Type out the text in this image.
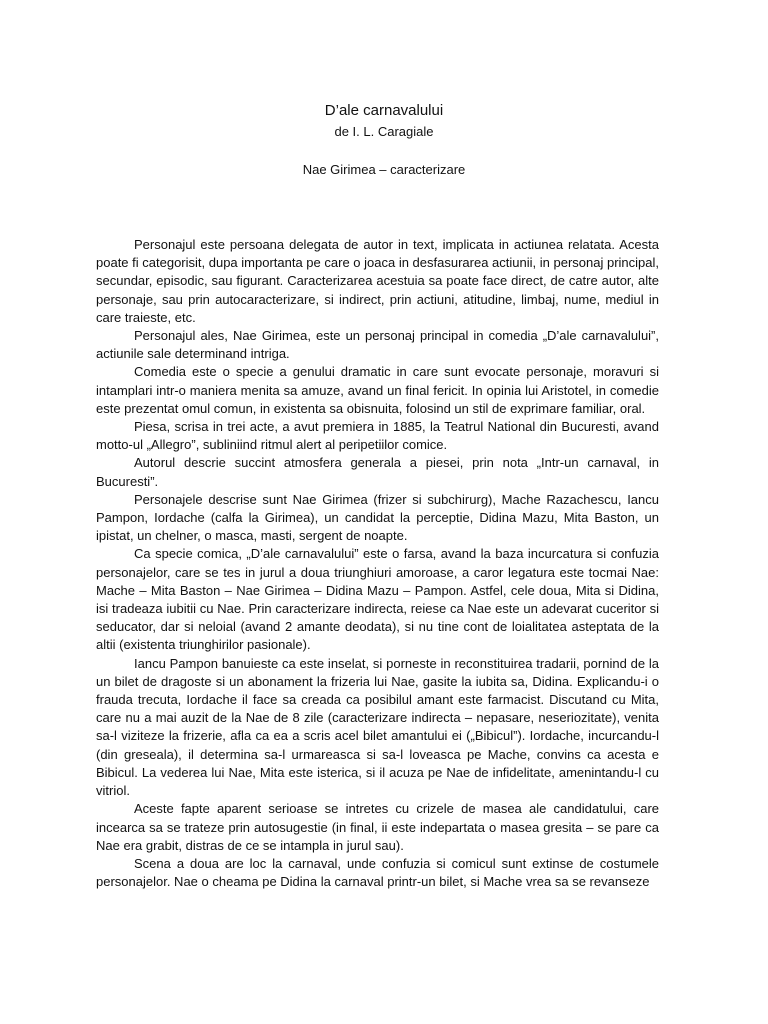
D’ale carnavalului
de I. L. Caragiale
Nae Girimea – caracterizare

Personajul este persoana delegata de autor in text, implicata in actiunea relatata. Acesta poate fi categorisit, dupa importanta pe care o joaca in desfasurarea actiunii, in personaj principal, secundar, episodic, sau figurant. Caracterizarea acestuia sa poate face direct, de catre autor, alte personaje, sau prin autocaracterizare, si indirect, prin actiuni, atitudine, limbaj, nume, mediul in care traieste, etc.

Personajul ales, Nae Girimea, este un personaj principal in comedia „D’ale carnavalului”, actiunile sale determinand intriga.

Comedia este o specie a genului dramatic in care sunt evocate personaje, moravuri si intamplari intr-o maniera menita sa amuze, avand un final fericit. In opinia lui Aristotel, in comedie este prezentat omul comun, in existenta sa obisnuita, folosind un stil de exprimare familiar, oral.

Piesa, scrisa in trei acte, a avut premiera in 1885, la Teatrul National din Bucuresti, avand motto-ul „Allegro”, subliniind ritmul alert al peripetiilor comice.

Autorul descrie succint atmosfera generala a piesei, prin nota „Intr-un carnaval, in Bucuresti”.

Personajele descrise sunt Nae Girimea (frizer si subchirurg), Mache Razachescu, Iancu Pampon, Iordache (calfa la Girimea), un candidat la perceptie, Didina Mazu, Mita Baston, un ipistat, un chelner, o masca, masti, sergent de noapte.

Ca specie comica, „D’ale carnavalului” este o farsa, avand la baza incurcatura si confuzia personajelor, care se tes in jurul a doua triunghiuri amoroase, a caror legatura este tocmai Nae: Mache – Mita Baston – Nae Girimea – Didina Mazu – Pampon. Astfel, cele doua, Mita si Didina, isi tradeaza iubitii cu Nae. Prin caracterizare indirecta, reiese ca Nae este un adevarat cuceritor si seducator, dar si neloial (avand 2 amante deodata), si nu tine cont de loialitatea asteptata de la altii (existenta triunghirilor pasionale).

Iancu Pampon banuieste ca este inselat, si porneste in reconstituirea tradarii, pornind de la un bilet de dragoste si un abonament la frizeria lui Nae, gasite la iubita sa, Didina. Explicandu-i o frauda trecuta, Iordache il face sa creada ca posibilul amant este farmacist. Discutand cu Mita, care nu a mai auzit de la Nae de 8 zile (caracterizare indirecta – nepasare, neseriozitate), venita sa-l viziteze la frizerie, afla ca ea a scris acel bilet amantului ei („Bibicul”). Iordache, incurcandu-l (din greseala), il determina sa-l urmareasca si sa-l loveasca pe Mache, convins ca acesta e Bibicul. La vederea lui Nae, Mita este isterica, si il acuza pe Nae de infidelitate, amenintandu-l cu vitriol.

Aceste fapte aparent serioase se intretes cu crizele de masea ale candidatului, care incearca sa se trateze prin autosugestie (in final, ii este indepartata o masea gresita – se pare ca Nae era grabit, distras de ce se intampla in jurul sau).

Scena a doua are loc la carnaval, unde confuzia si comicul sunt extinse de costumele personajelor. Nae o cheama pe Didina la carnaval printr-un bilet, si Mache vrea sa se revanseze
